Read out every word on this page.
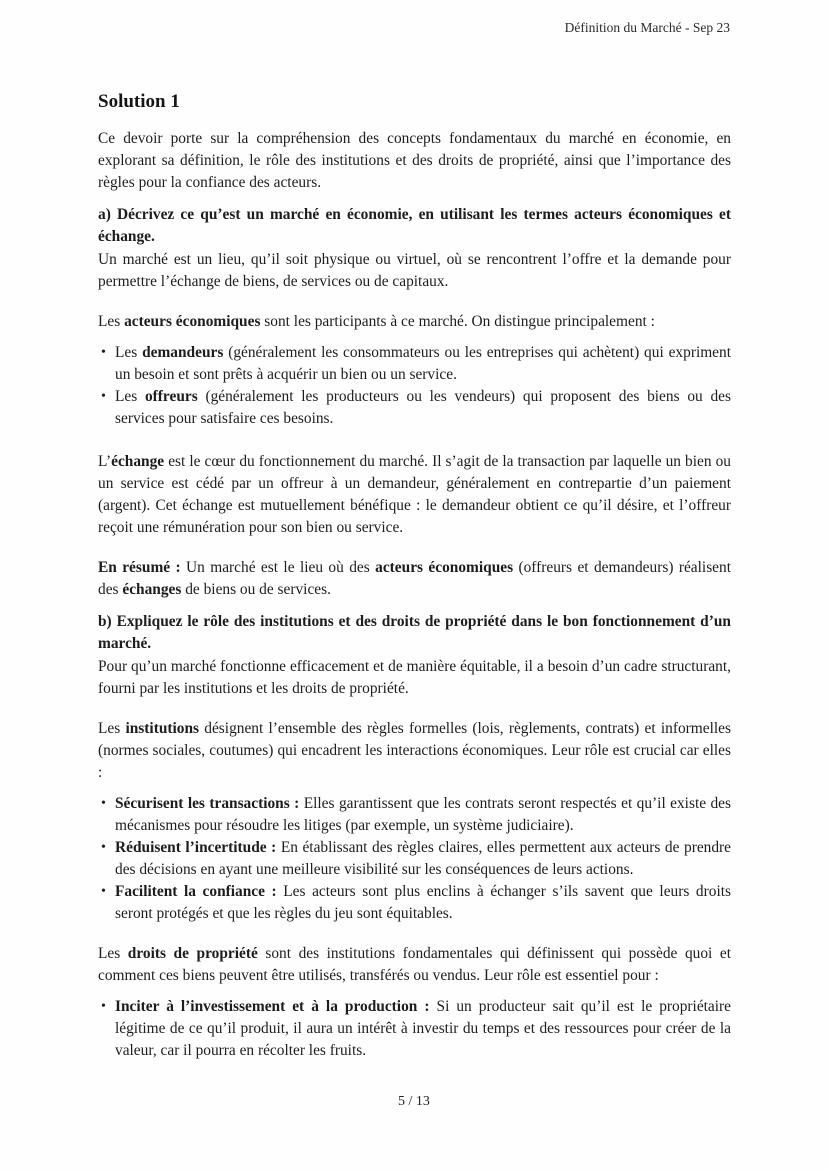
Définition du Marché - Sep 23
Solution 1

Ce devoir porte sur la compréhension des concepts fondamentaux du marché en économie, en explorant sa définition, le rôle des institutions et des droits de propriété, ainsi que l’importance des règles pour la confiance des acteurs.

a) Décrivez ce qu’est un marché en économie, en utilisant les termes acteurs économiques et échange.

Un marché est un lieu, qu’il soit physique ou virtuel, où se rencontrent l’offre et la demande pour permettre l’échange de biens, de services ou de capitaux.

Les acteurs économiques sont les participants à ce marché. On distingue principalement :

• Les demandeurs (généralement les consommateurs ou les entreprises qui achètent) qui expriment un besoin et sont prêts à acquérir un bien ou un service.
• Les offreurs (généralement les producteurs ou les vendeurs) qui proposent des biens ou des services pour satisfaire ces besoins.

L’échange est le cœur du fonctionnement du marché. Il s’agit de la transaction par laquelle un bien ou un service est cédé par un offreur à un demandeur, généralement en contrepartie d’un paiement (argent). Cet échange est mutuellement bénéfique : le demandeur obtient ce qu’il désire, et l’offreur reçoit une rémunération pour son bien ou service.

En résumé : Un marché est le lieu où des acteurs économiques (offreurs et demandeurs) réalisent des échanges de biens ou de services.

b) Expliquez le rôle des institutions et des droits de propriété dans le bon fonctionnement d’un marché.

Pour qu’un marché fonctionne efficacement et de manière équitable, il a besoin d’un cadre structurant, fourni par les institutions et les droits de propriété.

Les institutions désignent l’ensemble des règles formelles (lois, règlements, contrats) et informelles (normes sociales, coutumes) qui encadrent les interactions économiques. Leur rôle est crucial car elles :

• Sécurisent les transactions : Elles garantissent que les contrats seront respectés et qu’il existe des mécanismes pour résoudre les litiges (par exemple, un système judiciaire).
• Réduisent l’incertitude : En établissant des règles claires, elles permettent aux acteurs de prendre des décisions en ayant une meilleure visibilité sur les conséquences de leurs actions.
• Facilitent la confiance : Les acteurs sont plus enclins à échanger s’ils savent que leurs droits seront protégés et que les règles du jeu sont équitables.

Les droits de propriété sont des institutions fondamentales qui définissent qui possède quoi et comment ces biens peuvent être utilisés, transférés ou vendus. Leur rôle est essentiel pour :

• Inciter à l’investissement et à la production : Si un producteur sait qu’il est le propriétaire légitime de ce qu’il produit, il aura un intérêt à investir du temps et des ressources pour créer de la valeur, car il pourra en récolter les fruits.
5 / 13
